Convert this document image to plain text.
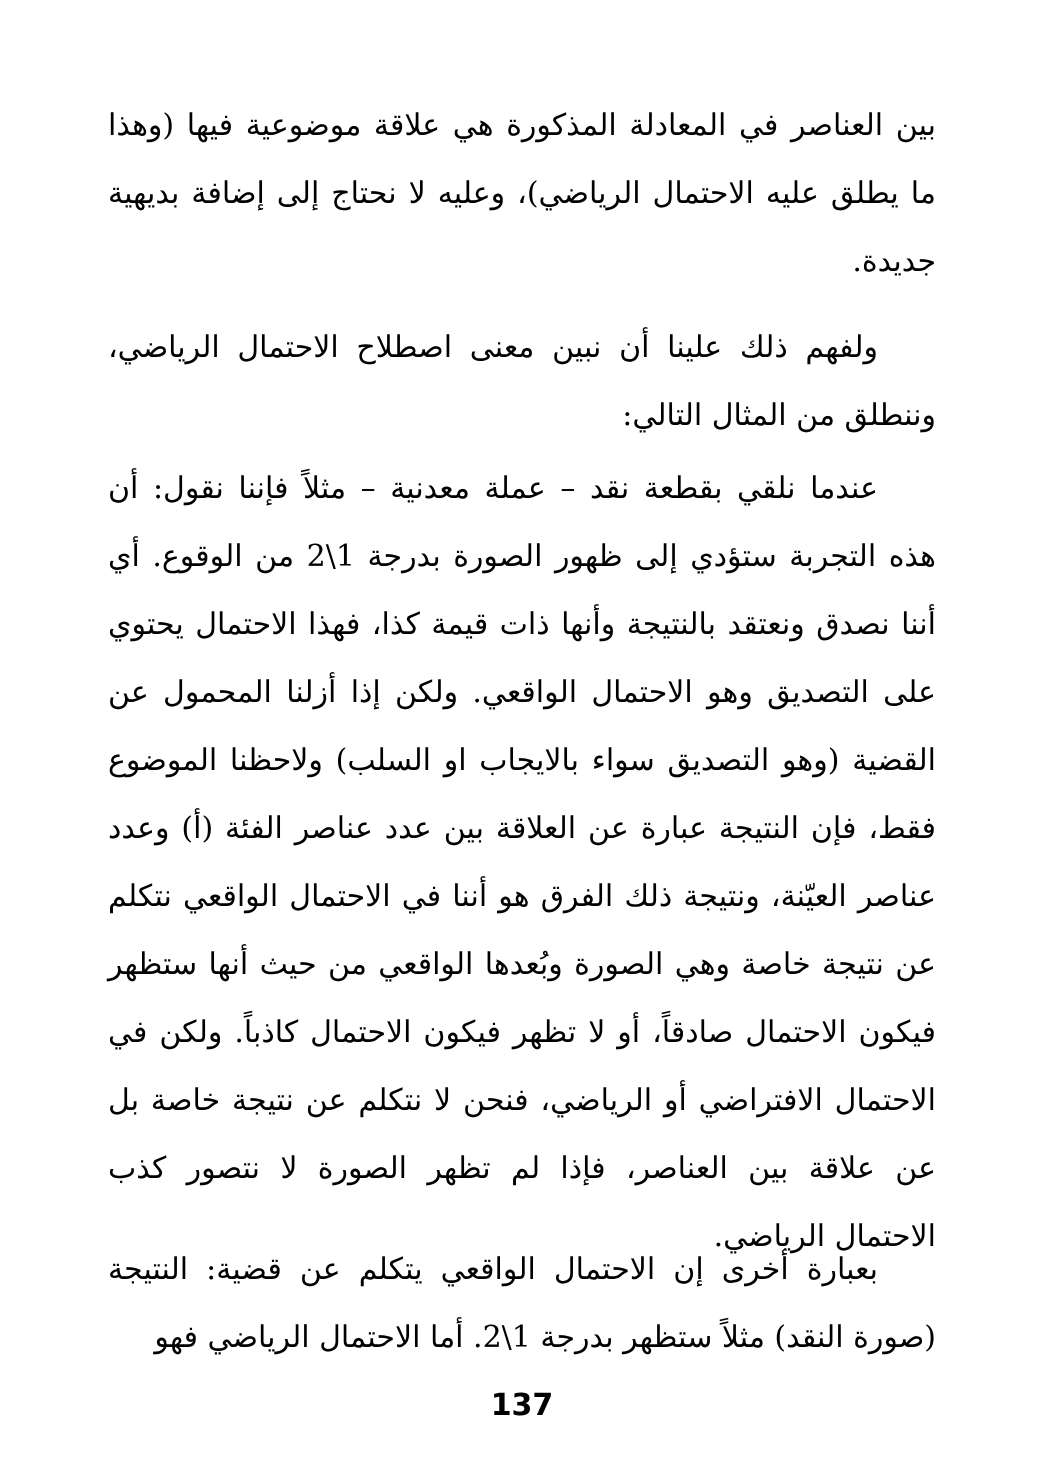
بين العناصر في المعادلة المذكورة هي علاقة موضوعية فيها (وهذا ما يطلق عليه الاحتمال الرياضي)، وعليه لا نحتاج إلى إضافة بديهية جديدة.

ولفهم ذلك علينا أن نبين معنى اصطلاح الاحتمال الرياضي، وننطلق من المثال التالي:

عندما نلقي بقطعة نقد – عملة معدنية – مثلاً فإننا نقول: أن هذه التجربة ستؤدي إلى ظهور الصورة بدرجة 1\2 من الوقوع. أي أننا نصدق ونعتقد بالنتيجة وأنها ذات قيمة كذا، فهذا الاحتمال يحتوي على التصديق وهو الاحتمال الواقعي. ولكن إذا أزلنا المحمول عن القضية (وهو التصديق سواء بالايجاب او السلب) ولاحظنا الموضوع فقط، فإن النتيجة عبارة عن العلاقة بين عدد عناصر الفئة (أ) وعدد عناصر العيّنة، ونتيجة ذلك الفرق هو أننا في الاحتمال الواقعي نتكلم عن نتيجة خاصة وهي الصورة وبُعدها الواقعي من حيث أنها ستظهر فيكون الاحتمال صادقاً، أو لا تظهر فيكون الاحتمال كاذباً. ولكن في الاحتمال الافتراضي أو الرياضي، فنحن لا نتكلم عن نتيجة خاصة بل عن علاقة بين العناصر، فإذا لم تظهر الصورة لا نتصور كذب الاحتمال الرياضي.

بعبارة أخرى إن الاحتمال الواقعي يتكلم عن قضية: النتيجة (صورة النقد) مثلاً ستظهر بدرجة 1\2. أما الاحتمال الرياضي فهو

137
